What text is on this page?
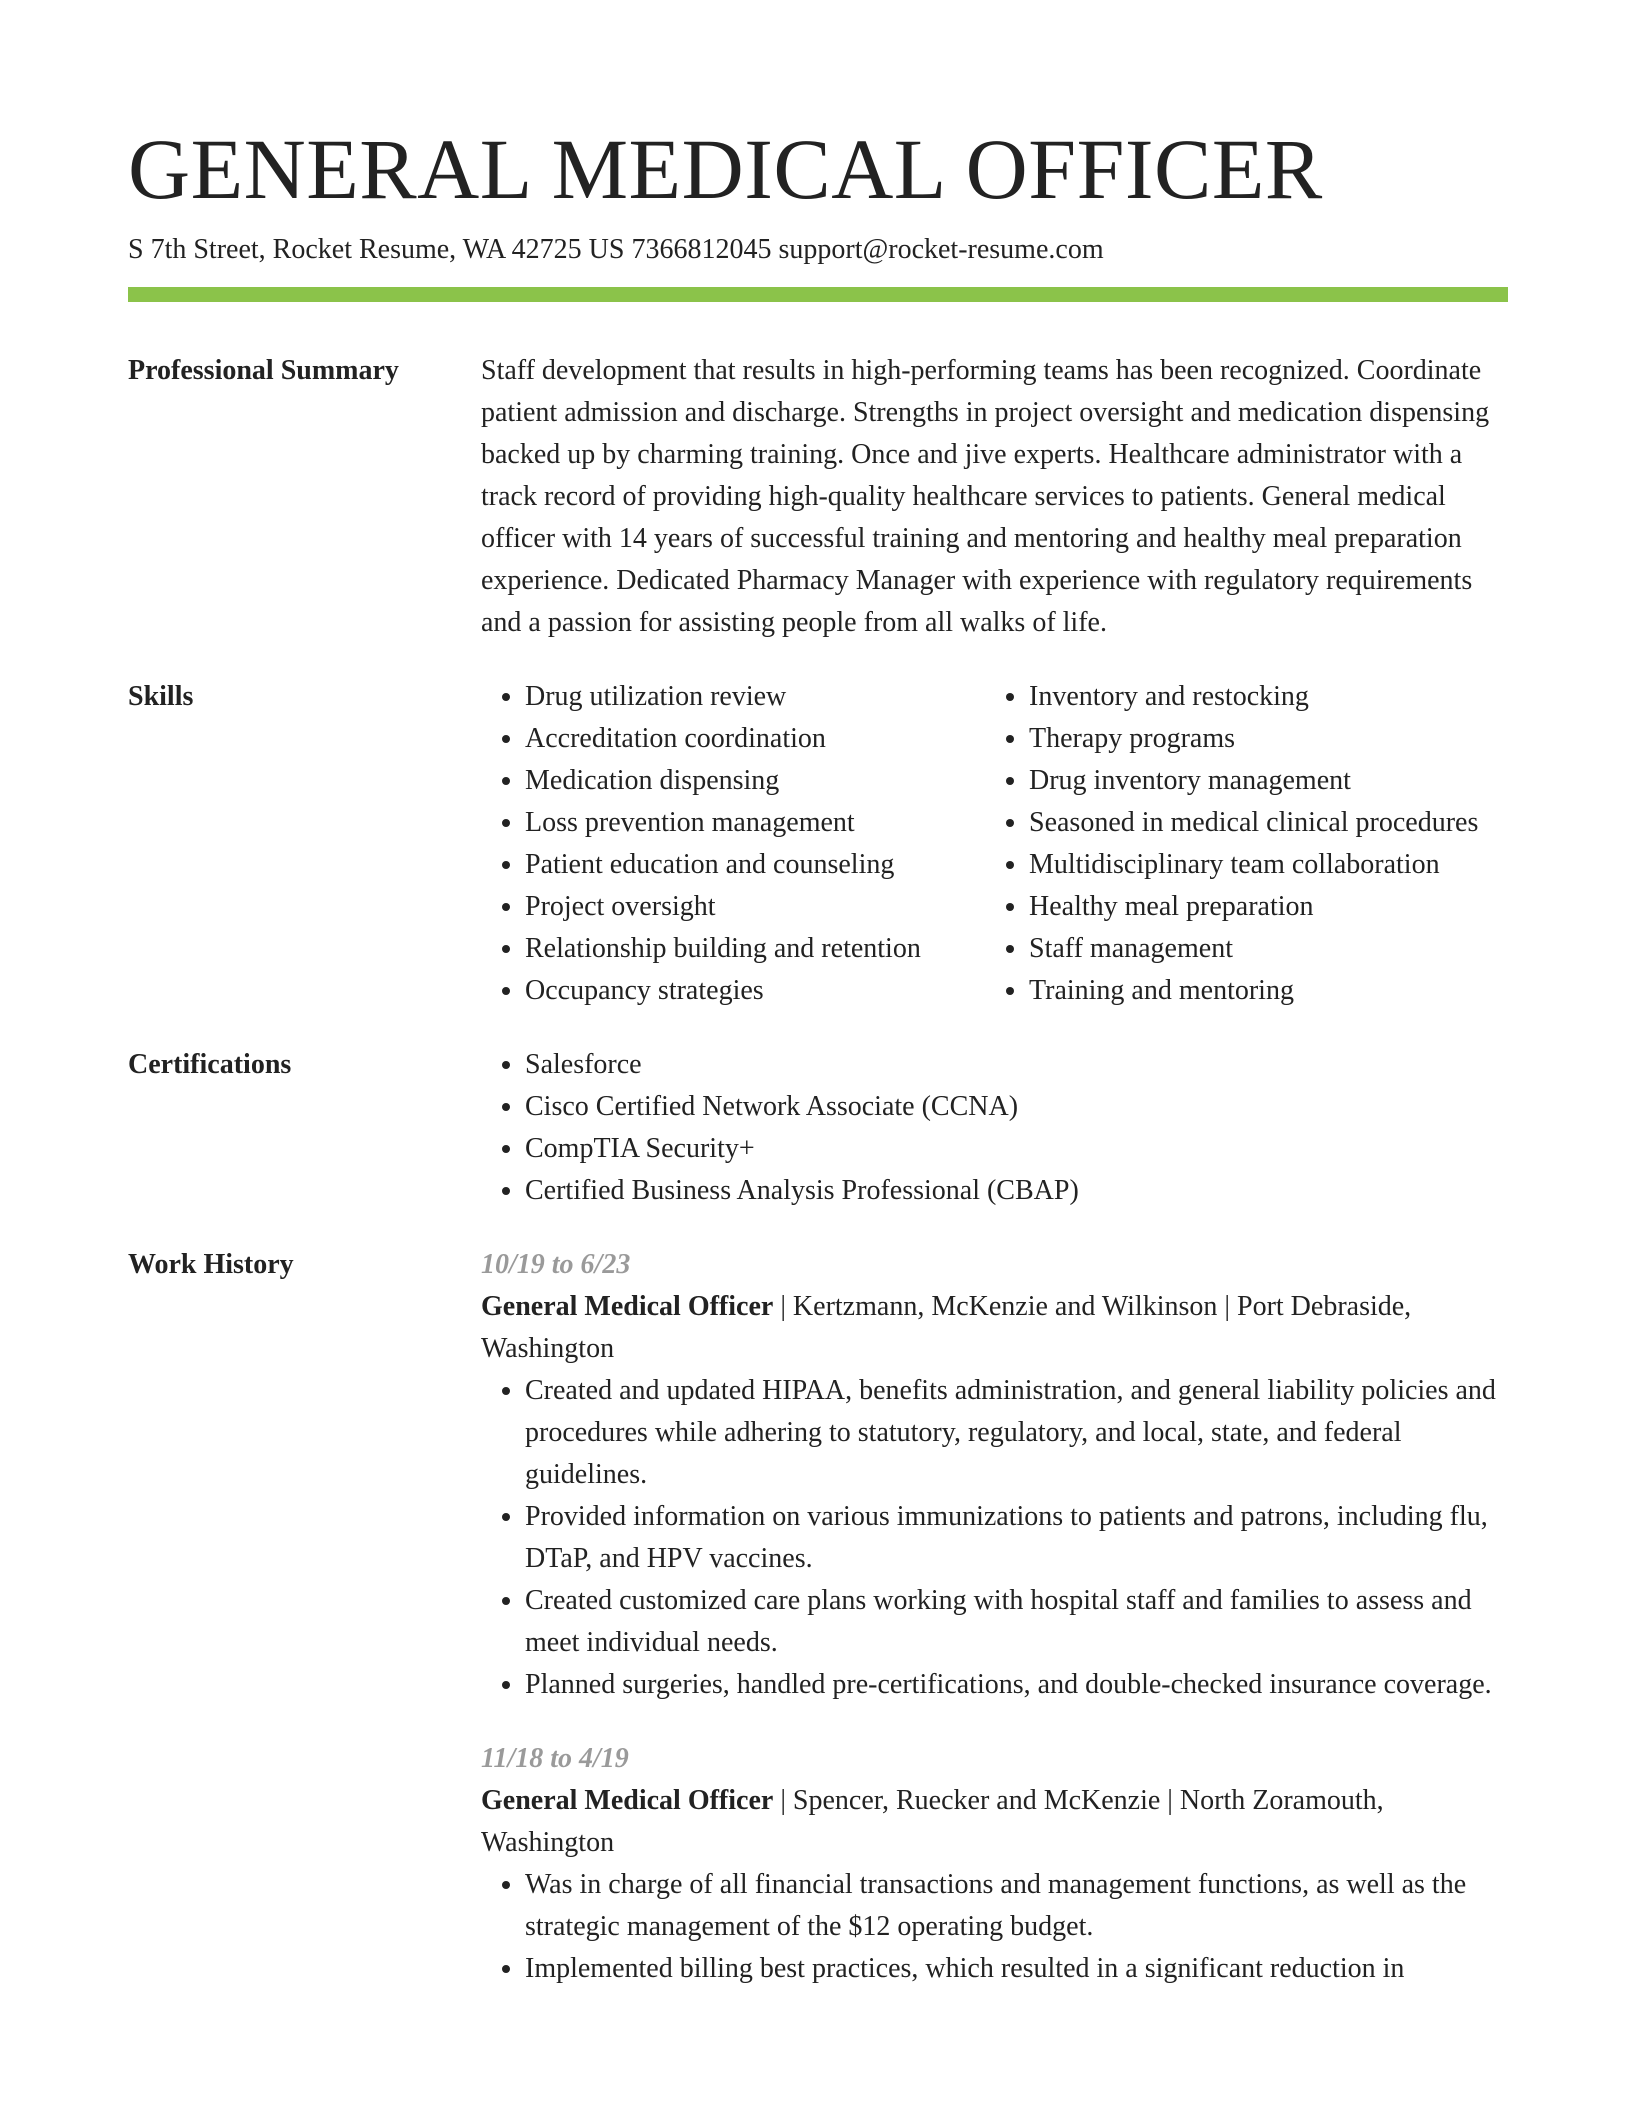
GENERAL MEDICAL OFFICER

S 7th Street, Rocket Resume, WA 42725 US 7366812045 support@rocket-resume.com

Professional Summary	Staff development that results in high-performing teams has been recognized. Coordinate patient admission and discharge. Strengths in project oversight and medication dispensing backed up by charming training. Once and jive experts. Healthcare administrator with a track record of providing high-quality healthcare services to patients. General medical officer with 14 years of successful training and mentoring and healthy meal preparation experience. Dedicated Pharmacy Manager with experience with regulatory requirements and a passion for assisting people from all walks of life.

Skills	• Drug utilization review
• Accreditation coordination
• Medication dispensing
• Loss prevention management
• Patient education and counseling
• Project oversight
• Relationship building and retention
• Occupancy strategies
• Inventory and restocking
• Therapy programs
• Drug inventory management
• Seasoned in medical clinical procedures
• Multidisciplinary team collaboration
• Healthy meal preparation
• Staff management
• Training and mentoring
Certifications	• Salesforce
• Cisco Certified Network Associate (CCNA)
• CompTIA Security+
• Certified Business Analysis Professional (CBAP)
Work History	10/19 to 6/23

General Medical Officer | Kertzmann, McKenzie and Wilkinson | Port Debraside, Washington

• Created and updated HIPAA, benefits administration, and general liability policies and procedures while adhering to statutory, regulatory, and local, state, and federal guidelines.
• Provided information on various immunizations to patients and patrons, including flu, DTaP, and HPV vaccines.
• Created customized care plans working with hospital staff and families to assess and meet individual needs.
• Planned surgeries, handled pre-certifications, and double-checked insurance coverage.

11/18 to 4/19

General Medical Officer | Spencer, Ruecker and McKenzie | North Zoramouth, Washington

• Was in charge of all financial transactions and management functions, as well as the strategic management of the $12 operating budget.
• Implemented billing best practices, which resulted in a significant reduction in
